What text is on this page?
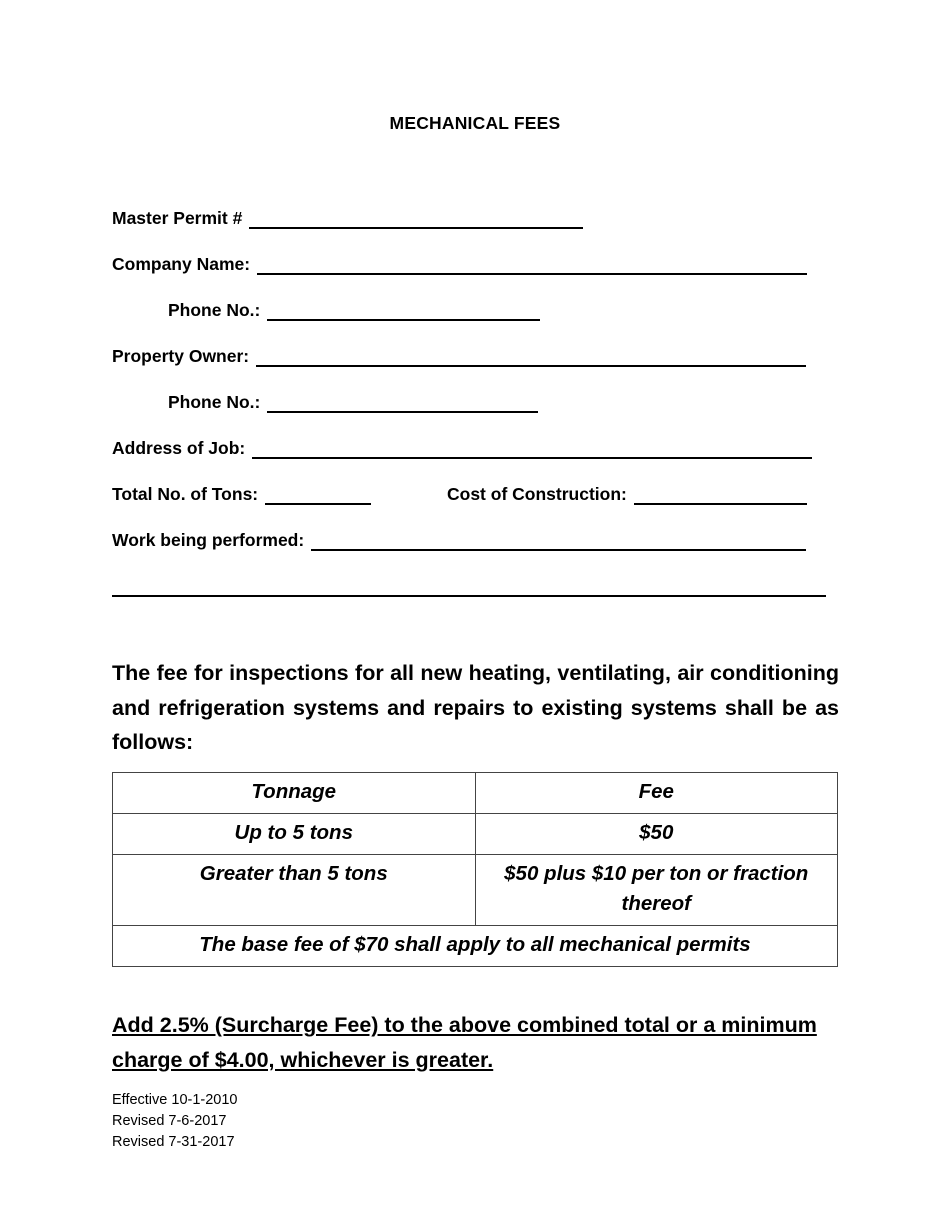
MECHANICAL FEES
Master Permit #
Company Name:
Phone No.:
Property Owner:
Phone No.:
Address of Job:
Total No. of Tons:	Cost of Construction:
Work being performed:
The fee for inspections for all new heating, ventilating, air conditioning and refrigeration systems and repairs to existing systems shall be as follows:
Tonnage	Fee
Up to 5 tons	$50
Greater than 5 tons	$50 plus $10 per ton or fraction thereof
The base fee of $70 shall apply to all mechanical permits	
Add 2.5% (Surcharge Fee) to the above combined total or a minimum charge of $4.00, whichever is greater.
Effective 10-1-2010
Revised 7-6-2017
Revised 7-31-2017
